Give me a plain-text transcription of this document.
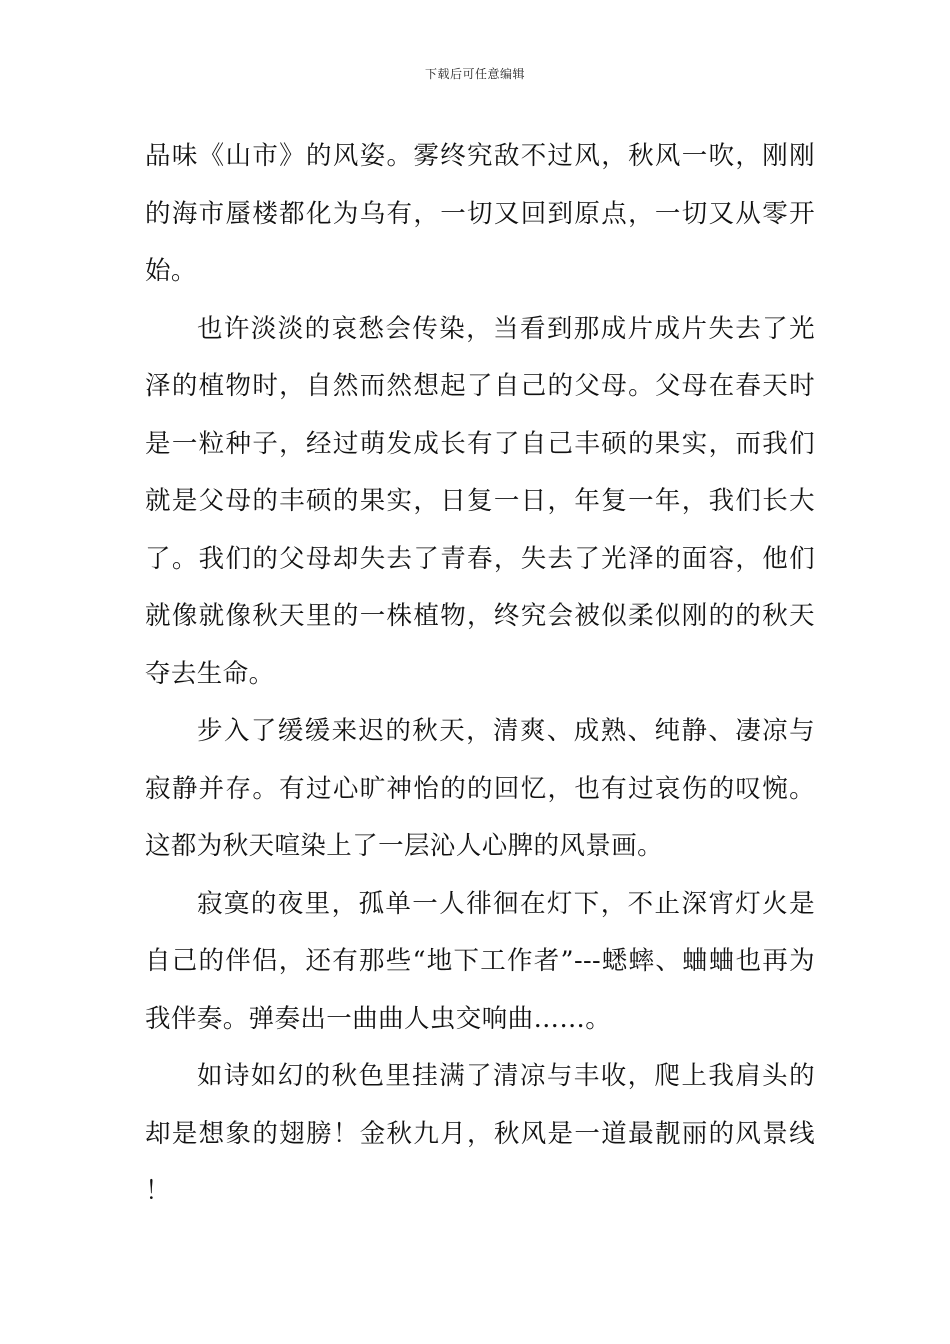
下载后可任意编辑

品味《山市》的风姿。雾终究敌不过风，秋风一吹，刚刚的海市蜃楼都化为乌有，一切又回到原点，一切又从零开始。

也许淡淡的哀愁会传染，当看到那成片成片失去了光泽的植物时，自然而然想起了自己的父母。父母在春天时是一粒种子，经过萌发成长有了自己丰硕的果实，而我们就是父母的丰硕的果实，日复一日，年复一年，我们长大了。我们的父母却失去了青春，失去了光泽的面容，他们就像就像秋天里的一株植物，终究会被似柔似刚的的秋天夺去生命。

步入了缓缓来迟的秋天，清爽、成熟、纯静、凄凉与寂静并存。有过心旷神怡的的回忆，也有过哀伤的叹惋。这都为秋天喧染上了一层沁人心脾的风景画。

寂寞的夜里，孤单一人徘徊在灯下，不止深宵灯火是自己的伴侣，还有那些“地下工作者”---蟋蟀、蛐蛐也再为我伴奏。弹奏出一曲曲人虫交响曲……。

如诗如幻的秋色里挂满了清凉与丰收，爬上我肩头的却是想象的翅膀！金秋九月，秋风是一道最靓丽的风景线！
